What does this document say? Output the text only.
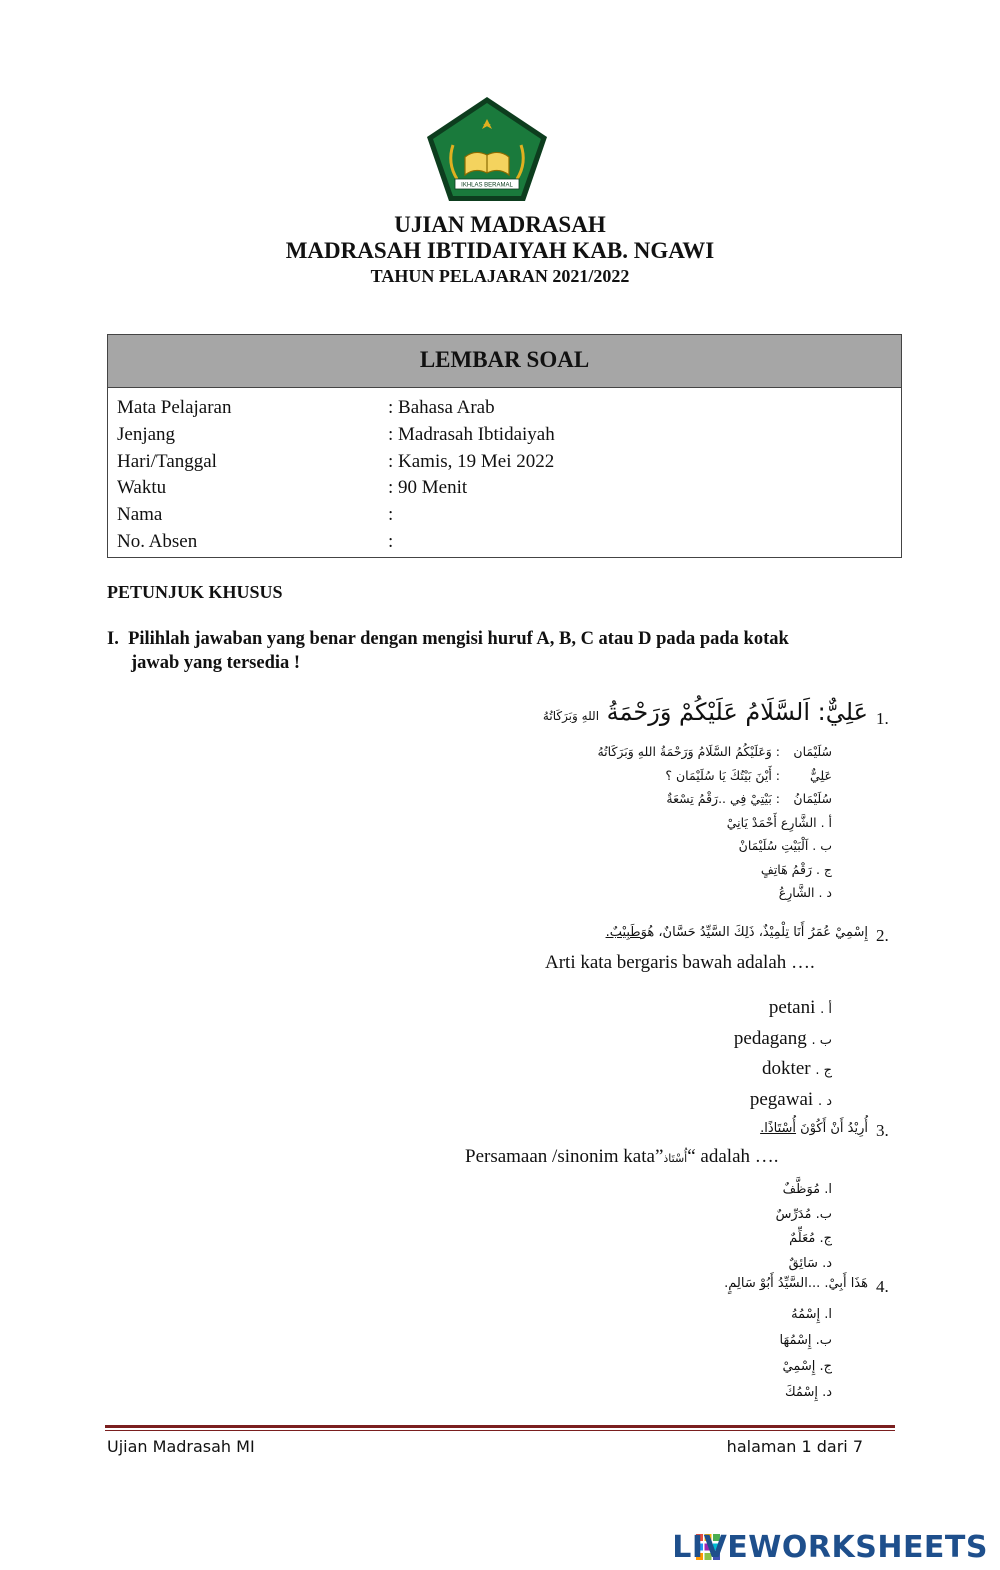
IKHLAS BERAMAL
UJIAN MADRASAH
MADRASAH IBTIDAIYAH KAB. NGAWI
TAHUN PELAJARAN 2021/2022
LEMBAR SOAL
Mata Pelajaran	: Bahasa Arab
Jenjang	: Madrasah Ibtidaiyah
Hari/Tanggal	: Kamis, 19 Mei 2022
Waktu	: 90 Menit
Nama	:
No. Absen	:
PETUNJUK KHUSUS
I.  Pilihlah jawaban yang benar dengan mengisi huruf A, B, C atau D pada pada kotak
jawab yang tersedia !
1.
عَلِيٌّ: اَلسَّلَامُ عَلَيْكُمْ وَرَحْمَةُ اللهِ وَبَرَكَاتُهُ
سُلَيْمَان : وَعَلَيْكُمُ السَّلَامُ وَرَحْمَةُ اللهِ وَبَرَكَاتُهُ
عَلِيٌّ : أَيْنَ بَيْتُكَ يَا سُلَيْمَان ؟
سُلَيْمَانُ : بَيْتِيْ فِي ..رَقْمُ تِسْعَةٌ
أ . الشَّارِع أَحْمَدْ يَانِيْ
ب . اَلْبَيْتِ سُلَيْمَانْ
ج . رَقْمُ هَاتِفٍ
د . الشَّارِعُ
2.
إِسْمِيْ عُمَرُ أَنَا تِلْمِيْذٌ، ذَلِكَ السَّيِّدُ حَسَّانٌ، هُوَطَبِيْبٌ.
Arti kata bergaris bawah adalah ….
petani أ .
pedagang ب .
dokter ج .
pegawai د .
3.
أُرِيْدُ أَنْ أَكُوْنَ أُسْتَاذًا.
Persamaan /sinonim kata”أُسْتَاذ“ adalah ….
ا. مُوَظَّفٌ
ب. مُدَرِّسٌ
ج. مُعَلِّمٌ
د. سَائِقٌ
4.
هَذَا أَبِيْ. ...السَّيِّدُ أَبُوْ سَالِمٍ.
ا. إِسْمُهُ
ب. إِسْمُهَا
ج. إِسْمِيْ
د. إِسْمُكَ
Ujian Madrasah MI	halaman 1 dari 7
LIVEWORKSHEETS
